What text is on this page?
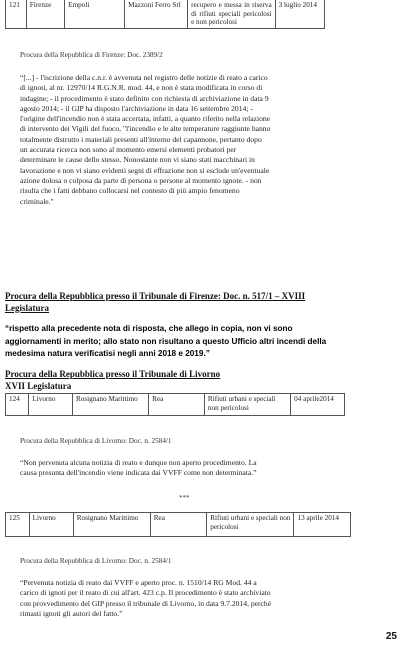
121	Firenze	Empoli	Mazzoni Ferro Srl	recupero e messa in riserva di rifiuti speciali pericolosi e non pericolosi	3 luglio 2014
Procura della Repubblica di Firenze: Doc. 2389/2
“[...] - l'iscrizione della c.n.r. è avvenuta nel registro delle notizie di reato a carico
di ignoti, al nr. 12970/14 R.G.N.R. mod. 44, e non è stata modificata in corso di
indagine; - il procedimento è stato definito con richiesta di archiviazione in data 9
agosto 2014; - il GIP ha disposto l'archiviazione in data 16 settembre 2014; -
l'origine dell'incendio non è stata accertata, infatti, a quanto riferito nella relazione
di intervento dei Vigili del fuoco, "l'incendio e le alte temperature raggiunte hanno
totalmente distrutto i materiali presenti all'interno del capannone, pertanto dopo
un accurata ricerca non sono al momento emersi elementi probatori per
determinare le cause dello stesso. Nonostante non vi siano stati macchinari in
lavorazione e non vi siano evidenti segni di effrazione non si esclude un'eventuale
azione dolosa o colposa da parte di persona o persone al momento ignote. - non
risulta che i fatti debbano collocarsi nel contesto di più ampio fenomeno
criminale."
Procura della Repubblica presso il Tribunale di Firenze: Doc. n. 517/1 – XVIII
Legislatura
“rispetto alla precedente nota di risposta, che allego in copia, non vi sono
aggiornamenti in merito; allo stato non risultano a questo Ufficio altri incendi della
medesima natura verificatisi negli anni 2018 e 2019.”
Procura della Repubblica presso il Tribunale di Livorno
XVII Legislatura
124	Livorno	Rosignano Marittimo	Rea	Rifiuti urbani e speciali non pericolosi	04 aprile2014
Procura della Repubblica di Livorno: Doc. n. 2584/1
“Non pervenuta alcuna notizia di reato e dunque non aperto procedimento. La
causa presunta dell'incendio viene indicata dai VVFF come non determinata.”
***
125	Livorno	Rosignano Marittimo	Rea	Rifiuti urbani e speciali non pericolosi	13 aprile 2014
Procura della Repubblica di Livorno: Doc. n. 2584/1
“Pervenuta notizia di reato dai VVFF e aperto proc. n. 1510/14 RG Mod. 44 a
carico di ignoti per il reato di cui all'art. 423 c.p. Il procedimento è stato archiviato
con provvedimento del GIP presso il tribunale di Livorno, in data 9.7.2014, perché
rimasti ignoti gli autori del fatto.”
25
